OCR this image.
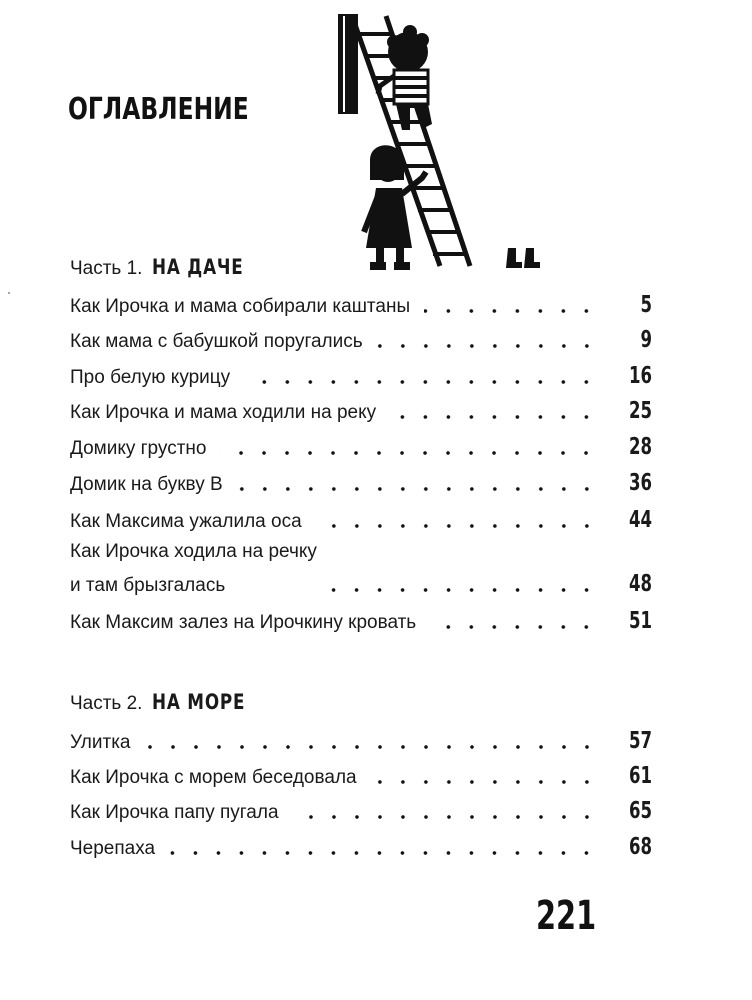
ОГЛАВЛЕНИЕ
Часть 1. НА ДАЧЕ
Как Ирочка и мама собирали каштаны	5
Как мама с бабушкой поругались	9
Про белую курицу	16
Как Ирочка и мама ходили на реку	25
Домику грустно	28
Домик на букву В	36
Как Максима ужалила оса	44
Как Ирочка ходила на речку
и там брызгалась	48
Как Максим залез на Ирочкину кровать	51
Часть 2. НА МОРЕ
Улитка	57
Как Ирочка с морем беседовала	61
Как Ирочка папу пугала	65
Черепаха	68
221
